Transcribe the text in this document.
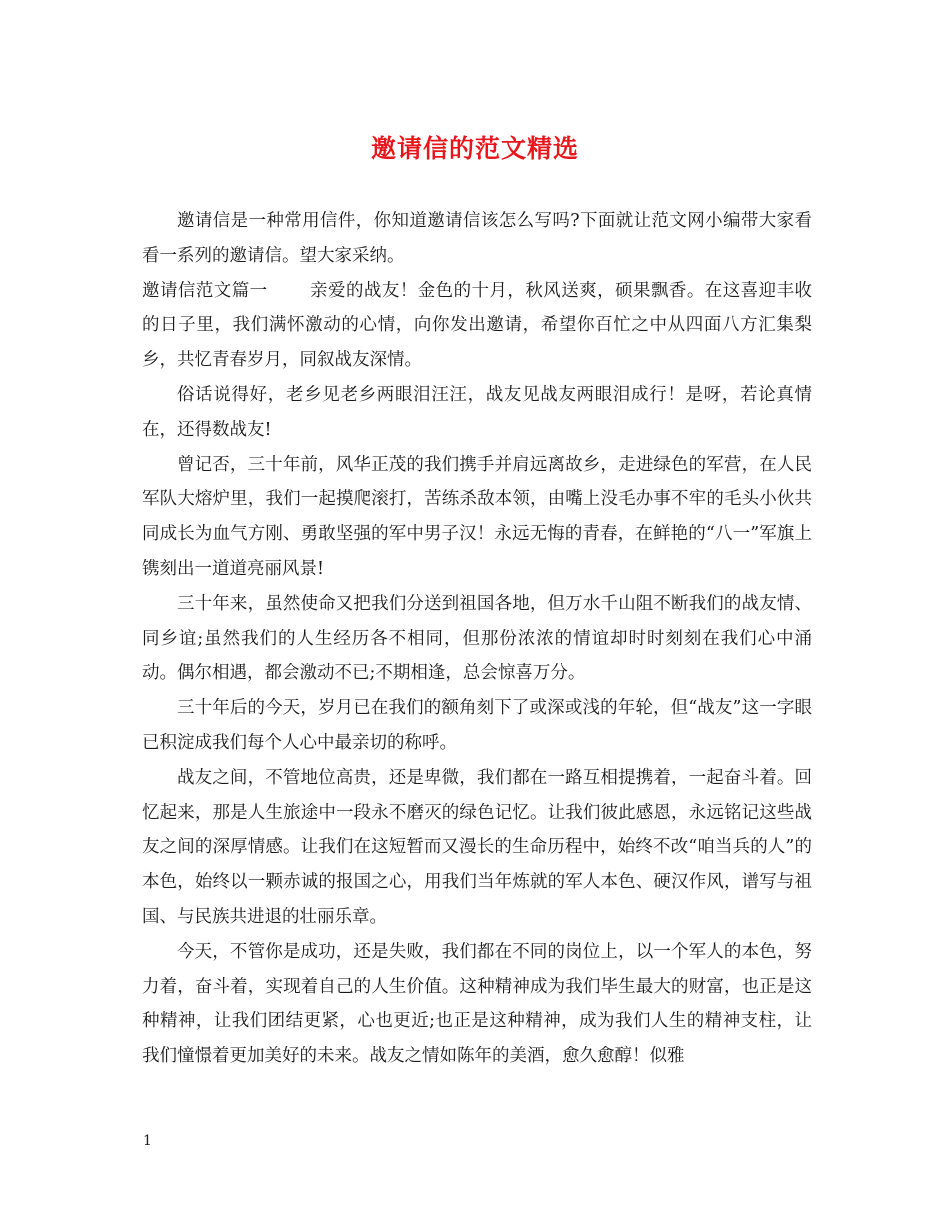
邀请信的范文精选

邀请信是一种常用信件，你知道邀请信该怎么写吗?下面就让范文网小编带大家看看一系列的邀请信。望大家采纳。

邀请信范文篇一 亲爱的战友！金色的十月，秋风送爽，硕果飘香。在这喜迎丰收的日子里，我们满怀激动的心情，向你发出邀请，希望你百忙之中从四面八方汇集梨乡，共忆青春岁月，同叙战友深情。

俗话说得好，老乡见老乡两眼泪汪汪，战友见战友两眼泪成行！是呀，若论真情在，还得数战友!

曾记否，三十年前，风华正茂的我们携手并肩远离故乡，走进绿色的军营，在人民军队大熔炉里，我们一起摸爬滚打，苦练杀敌本领，由嘴上没毛办事不牢的毛头小伙共同成长为血气方刚、勇敢坚强的军中男子汉！永远无悔的青春，在鲜艳的“八一”军旗上镌刻出一道道亮丽风景!

三十年来，虽然使命又把我们分送到祖国各地，但万水千山阻不断我们的战友情、同乡谊;虽然我们的人生经历各不相同，但那份浓浓的情谊却时时刻刻在我们心中涌动。偶尔相遇，都会激动不已;不期相逢，总会惊喜万分。

三十年后的今天，岁月已在我们的额角刻下了或深或浅的年轮，但“战友”这一字眼已积淀成我们每个人心中最亲切的称呼。

战友之间，不管地位高贵，还是卑微，我们都在一路互相提携着，一起奋斗着。回忆起来，那是人生旅途中一段永不磨灭的绿色记忆。让我们彼此感恩，永远铭记这些战友之间的深厚情感。让我们在这短暂而又漫长的生命历程中，始终不改“咱当兵的人”的本色，始终以一颗赤诚的报国之心，用我们当年炼就的军人本色、硬汉作风，谱写与祖国、与民族共进退的壮丽乐章。

今天，不管你是成功，还是失败，我们都在不同的岗位上，以一个军人的本色，努力着，奋斗着，实现着自己的人生价值。这种精神成为我们毕生最大的财富，也正是这种精神，让我们团结更紧，心也更近;也正是这种精神，成为我们人生的精神支柱，让我们憧憬着更加美好的未来。战友之情如陈年的美酒，愈久愈醇！似雅

1
